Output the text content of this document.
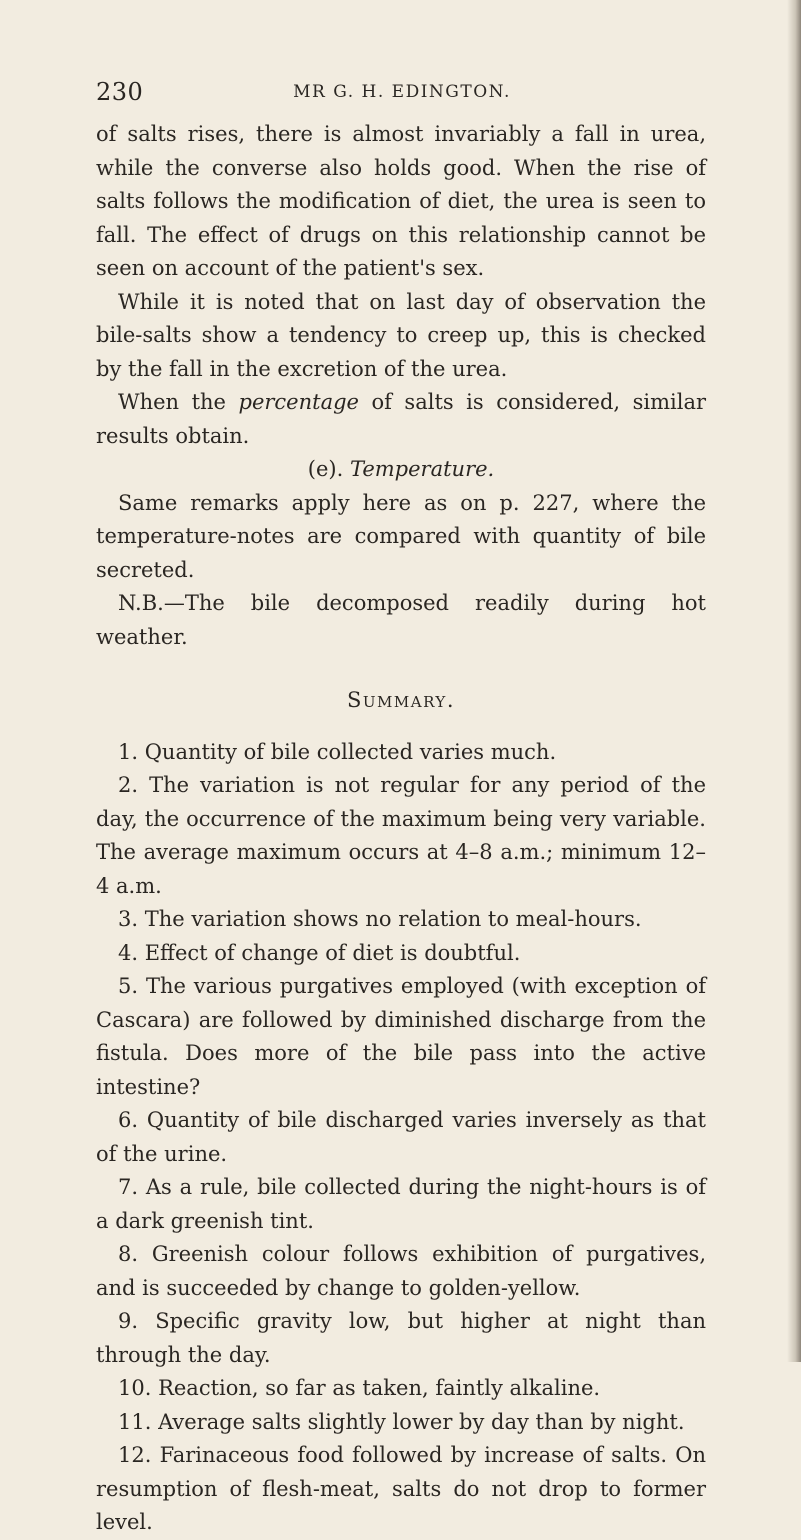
230	MR G. H. EDINGTON.

of salts rises, there is almost invariably a fall in urea, while the converse also holds good. When the rise of salts follows the modification of diet, the urea is seen to fall. The effect of drugs on this relationship cannot be seen on account of the patient's sex.

While it is noted that on last day of observation the bile-salts show a tendency to creep up, this is checked by the fall in the excretion of the urea.

When the percentage of salts is considered, similar results obtain.

(e). Temperature.

Same remarks apply here as on p. 227, where the temperature-notes are compared with quantity of bile secreted.

N.B.—The bile decomposed readily during hot weather.

Summary.

1. Quantity of bile collected varies much.

2. The variation is not regular for any period of the day, the occurrence of the maximum being very variable. The average maximum occurs at 4–8 a.m.; minimum 12–4 a.m.

3. The variation shows no relation to meal-hours.

4. Effect of change of diet is doubtful.

5. The various purgatives employed (with exception of Cascara) are followed by diminished discharge from the fistula. Does more of the bile pass into the active intestine?

6. Quantity of bile discharged varies inversely as that of the urine.

7. As a rule, bile collected during the night-hours is of a dark greenish tint.

8. Greenish colour follows exhibition of purgatives, and is succeeded by change to golden-yellow.

9. Specific gravity low, but higher at night than through the day.

10. Reaction, so far as taken, faintly alkaline.

11. Average salts slightly lower by day than by night.

12. Farinaceous food followed by increase of salts. On resumption of flesh-meat, salts do not drop to former level.
